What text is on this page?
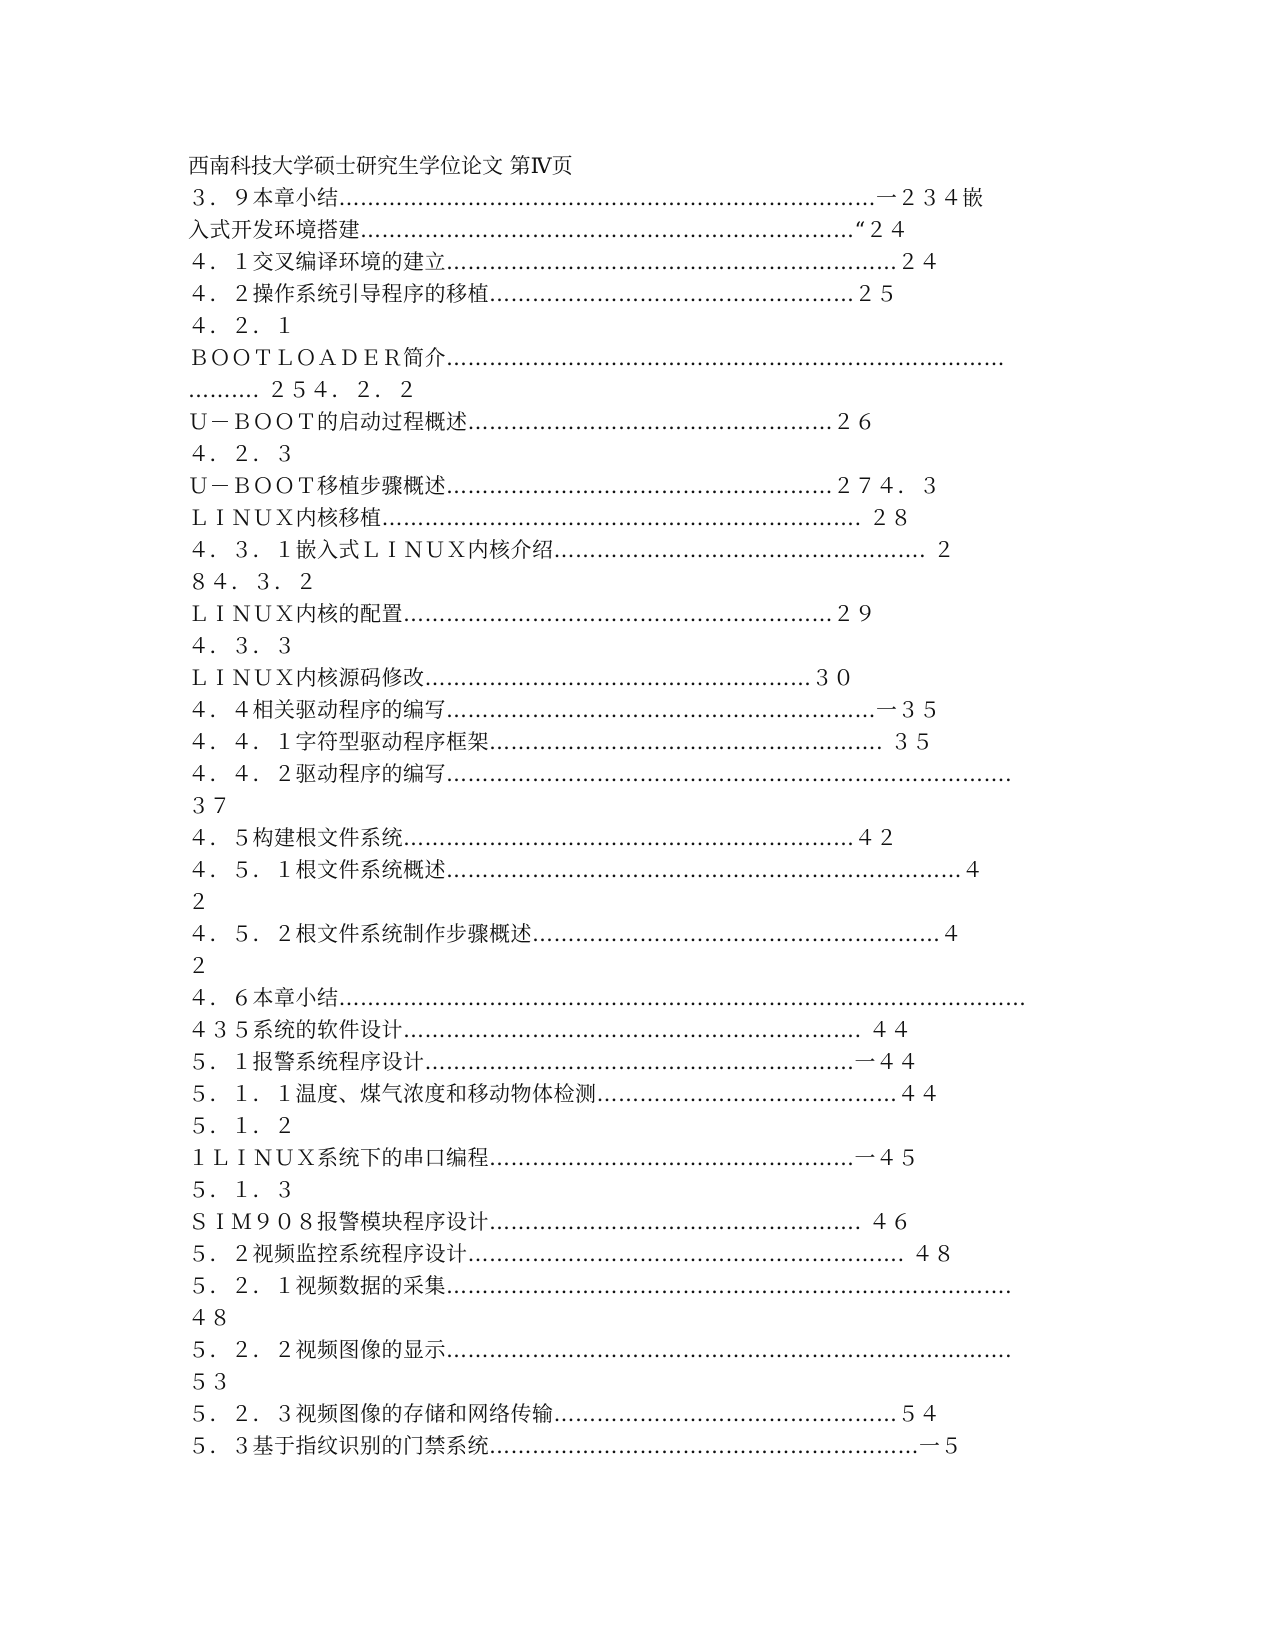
西南科技大学硕士研究生学位论文 第Ⅳ页
３．９本章小结…………………………………………………………………一２３４嵌
入式开发环境搭建……………………………………………………………“２４
４．１交叉编译环境的建立………………………………………………………２４
４．２操作系统引导程序的移植……………………………………………２５
４．２．１
ＢＯＯＴＬＯＡＤＥＲ简介……………………………………………………………………
………. ２５４．２．２
Ｕ－ＢＯＯＴ的启动过程概述……………………………………………２６
４．２．３
Ｕ－ＢＯＯＴ移植步骤概述………………………………………………２７４．３
ＬＩＮＵＸ内核移植…………………………………………………………. ２８
４．３．１嵌入式ＬＩＮＵＸ内核介绍……………………………………………. ２
８４．３．２
ＬＩＮＵＸ内核的配置……………………………………………………２９
４．３．３
ＬＩＮＵＸ内核源码修改………………………………………………３０
４．４相关驱动程序的编写……………………………………………………一３５
４．４．１字符型驱动程序框架………………………………………………. ３５
４．４．２驱动程序的编写…………………………………………………………………….
３７
４．５构建根文件系统………………………………………………………４２
４．５．１根文件系统概述………………………………………………………………４
２
４．５．２根文件系统制作步骤概述…………………………………………………４
２
４．６本章小结……………………………………………………………………………………
４３５系统的软件设计………………………………………………………. ４４
５．１报警系统程序设计……………………………………………………一４４
５．１．１温度、煤气浓度和移动物体检测……………………………………４４
５．１．２
１ＬＩＮＵＸ系统下的串口编程……………………………………………一４５
５．１．３
ＳＩＭ９０８报警模块程序设计……………………………………………. ４６
５．２视频监控系统程序设计……………………………………………………. ４８
５．２．１视频数据的采集…………………………………………………………………….
４８
５．２．２视频图像的显示…………………………………………………………………….
５３
５．２．３视频图像的存储和网络传输…………………………………………５４
５．３基于指纹识别的门禁系统……………………………………………………一５
